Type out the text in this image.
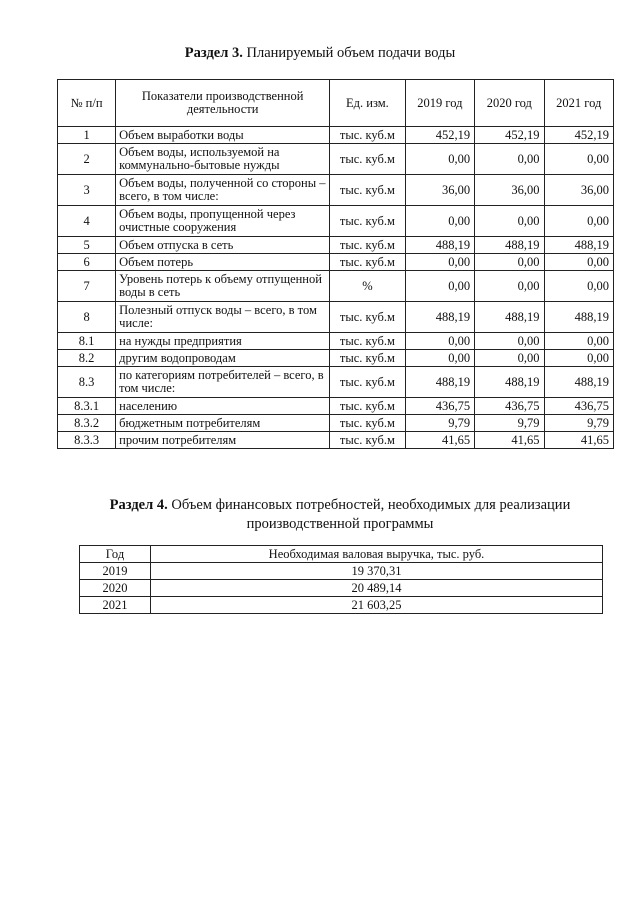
Раздел 3. Планируемый объем подачи воды
№ п/п	Показатели производственной деятельности	Ед. изм.	2019 год	2020 год	2021 год
1	Объем выработки воды	тыс. куб.м	452,19	452,19	452,19
2	Объем воды, используемой на коммунально-бытовые нужды	тыс. куб.м	0,00	0,00	0,00
3	Объем воды, полученной со стороны – всего, в том числе:	тыс. куб.м	36,00	36,00	36,00
4	Объем воды, пропущенной через очистные сооружения	тыс. куб.м	0,00	0,00	0,00
5	Объем отпуска в сеть	тыс. куб.м	488,19	488,19	488,19
6	Объем потерь	тыс. куб.м	0,00	0,00	0,00
7	Уровень потерь к объему отпущенной воды в сеть	%	0,00	0,00	0,00
8	Полезный отпуск воды – всего, в том числе:	тыс. куб.м	488,19	488,19	488,19
8.1	на нужды предприятия	тыс. куб.м	0,00	0,00	0,00
8.2	другим водопроводам	тыс. куб.м	0,00	0,00	0,00
8.3	по категориям потребителей – всего, в том числе:	тыс. куб.м	488,19	488,19	488,19
8.3.1	населению	тыс. куб.м	436,75	436,75	436,75
8.3.2	бюджетным потребителям	тыс. куб.м	9,79	9,79	9,79
8.3.3	прочим потребителям	тыс. куб.м	41,65	41,65	41,65
Раздел 4. Объем финансовых потребностей, необходимых для реализации производственной программы
Год	Необходимая валовая выручка, тыс. руб.
2019	19 370,31
2020	20 489,14
2021	21 603,25
